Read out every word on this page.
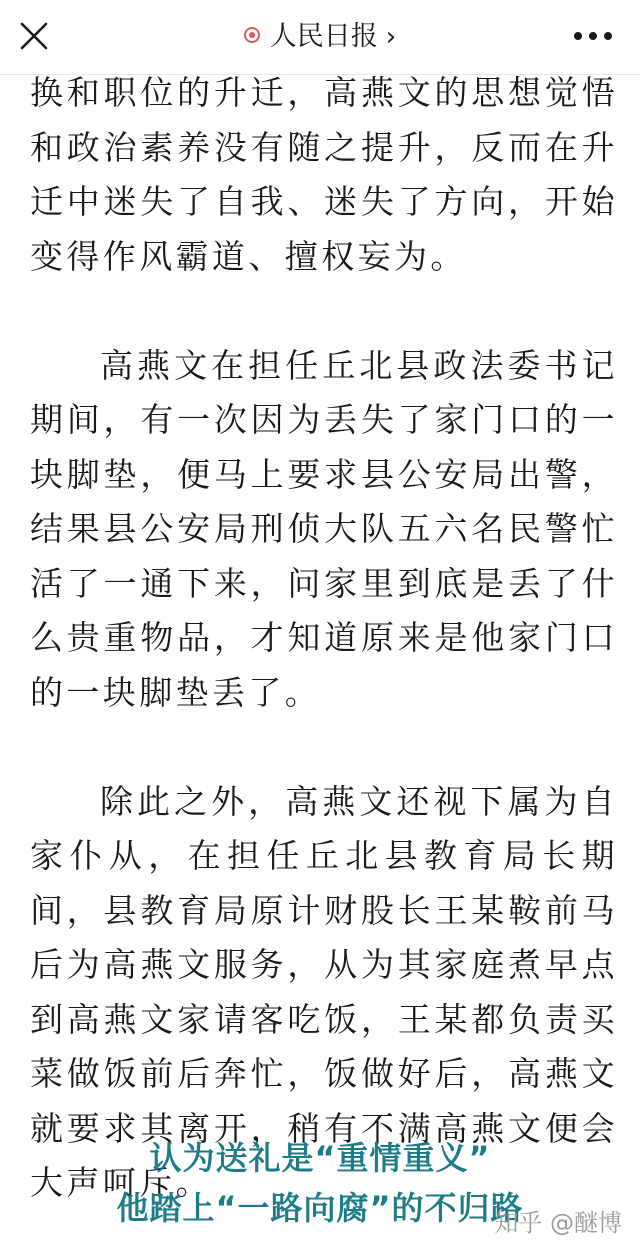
人民日报 ›

换和职位的升迁，高燕文的思想觉悟和政治素养没有随之提升，反而在升迁中迷失了自我、迷失了方向，开始变得作风霸道、擅权妄为。

高燕文在担任丘北县政法委书记期间，有一次因为丢失了家门口的一块脚垫，便马上要求县公安局出警，结果县公安局刑侦大队五六名民警忙活了一通下来，问家里到底是丢了什么贵重物品，才知道原来是他家门口的一块脚垫丢了。

除此之外，高燕文还视下属为自家仆从，在担任丘北县教育局长期间，县教育局原计财股长王某鞍前马后为高燕文服务，从为其家庭煮早点到高燕文家请客吃饭，王某都负责买菜做饭前后奔忙，饭做好后，高燕文就要求其离开，稍有不满高燕文便会大声呵斥。

认为送礼是“重情重义”
他踏上“一路向腐”的不归路
知乎 @醚博
